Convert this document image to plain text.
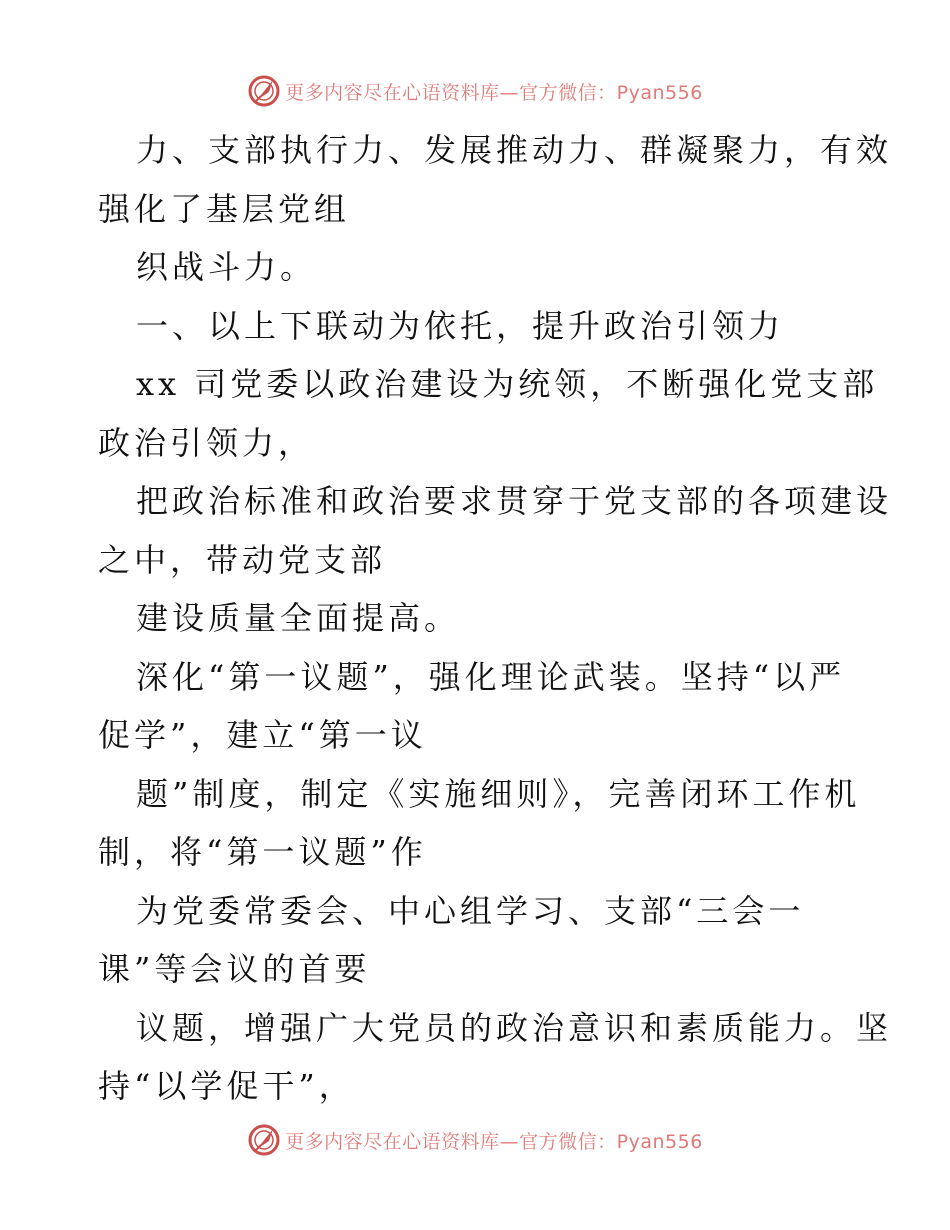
更多内容尽在心语资料库—官方微信：Pyan556
力、支部执行力、发展推动力、群凝聚力，有效
强化了基层党组
织战斗力。
一、以上下联动为依托，提升政治引领力
xx 司党委以政治建设为统领，不断强化党支部
政治引领力，
把政治标准和政治要求贯穿于党支部的各项建设
之中，带动党支部
建设质量全面提高。
深化“第一议题”，强化理论武装。坚持“以严
促学”，建立“第一议
题”制度，制定《实施细则》，完善闭环工作机
制，将“第一议题”作
为党委常委会、中心组学习、支部“三会一
课”等会议的首要
议题，增强广大党员的政治意识和素质能力。坚
持“以学促干”，
更多内容尽在心语资料库—官方微信：Pyan556
